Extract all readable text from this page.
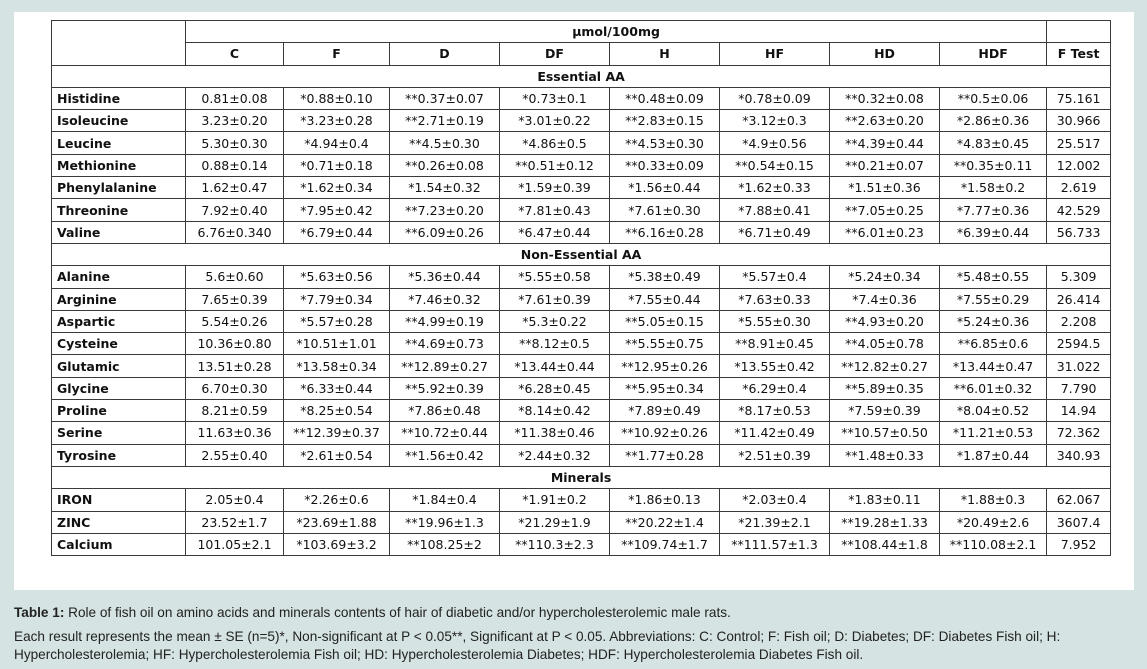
	μmol/100mg								
	C	F	D	DF	H	HF	HD	HDF	F Test
Essential AA									
Histidine	0.81±0.08	*0.88±0.10	**0.37±0.07	*0.73±0.1	**0.48±0.09	*0.78±0.09	**0.32±0.08	**0.5±0.06	75.161
Isoleucine	3.23±0.20	*3.23±0.28	**2.71±0.19	*3.01±0.22	**2.83±0.15	*3.12±0.3	**2.63±0.20	*2.86±0.36	30.966
Leucine	5.30±0.30	*4.94±0.4	**4.5±0.30	*4.86±0.5	**4.53±0.30	*4.9±0.56	**4.39±0.44	*4.83±0.45	25.517
Methionine	0.88±0.14	*0.71±0.18	**0.26±0.08	**0.51±0.12	**0.33±0.09	**0.54±0.15	**0.21±0.07	**0.35±0.11	12.002
Phenylalanine	1.62±0.47	*1.62±0.34	*1.54±0.32	*1.59±0.39	*1.56±0.44	*1.62±0.33	*1.51±0.36	*1.58±0.2	2.619
Threonine	7.92±0.40	*7.95±0.42	**7.23±0.20	*7.81±0.43	*7.61±0.30	*7.88±0.41	**7.05±0.25	*7.77±0.36	42.529
Valine	6.76±0.340	*6.79±0.44	**6.09±0.26	*6.47±0.44	**6.16±0.28	*6.71±0.49	**6.01±0.23	*6.39±0.44	56.733
Non-Essential AA									
Alanine	5.6±0.60	*5.63±0.56	*5.36±0.44	*5.55±0.58	*5.38±0.49	*5.57±0.4	*5.24±0.34	*5.48±0.55	5.309
Arginine	7.65±0.39	*7.79±0.34	*7.46±0.32	*7.61±0.39	*7.55±0.44	*7.63±0.33	*7.4±0.36	*7.55±0.29	26.414
Aspartic	5.54±0.26	*5.57±0.28	**4.99±0.19	*5.3±0.22	**5.05±0.15	*5.55±0.30	**4.93±0.20	*5.24±0.36	2.208
Cysteine	10.36±0.80	*10.51±1.01	**4.69±0.73	**8.12±0.5	**5.55±0.75	**8.91±0.45	**4.05±0.78	**6.85±0.6	2594.5
Glutamic	13.51±0.28	*13.58±0.34	**12.89±0.27	*13.44±0.44	**12.95±0.26	*13.55±0.42	**12.82±0.27	*13.44±0.47	31.022
Glycine	6.70±0.30	*6.33±0.44	**5.92±0.39	*6.28±0.45	**5.95±0.34	*6.29±0.4	**5.89±0.35	**6.01±0.32	7.790
Proline	8.21±0.59	*8.25±0.54	*7.86±0.48	*8.14±0.42	*7.89±0.49	*8.17±0.53	*7.59±0.39	*8.04±0.52	14.94
Serine	11.63±0.36	**12.39±0.37	**10.72±0.44	*11.38±0.46	**10.92±0.26	*11.42±0.49	**10.57±0.50	*11.21±0.53	72.362
Tyrosine	2.55±0.40	*2.61±0.54	**1.56±0.42	*2.44±0.32	**1.77±0.28	*2.51±0.39	**1.48±0.33	*1.87±0.44	340.93
Minerals									
IRON	2.05±0.4	*2.26±0.6	*1.84±0.4	*1.91±0.2	*1.86±0.13	*2.03±0.4	*1.83±0.11	*1.88±0.3	62.067
ZINC	23.52±1.7	*23.69±1.88	**19.96±1.3	*21.29±1.9	**20.22±1.4	*21.39±2.1	**19.28±1.33	*20.49±2.6	3607.4
Calcium	101.05±2.1	*103.69±3.2	**108.25±2	**110.3±2.3	**109.74±1.7	**111.57±1.3	**108.44±1.8	**110.08±2.1	7.952
Table 1: Role of fish oil on amino acids and minerals contents of hair of diabetic and/or hypercholesterolemic male rats.
Each result represents the mean ± SE (n=5)*, Non-significant at P < 0.05**, Significant at P < 0.05. Abbreviations: C: Control; F: Fish oil; D: Diabetes; DF: Diabetes Fish oil; H: Hypercholesterolemia; HF: Hypercholesterolemia Fish oil; HD: Hypercholesterolemia Diabetes; HDF: Hypercholesterolemia Diabetes Fish oil.
